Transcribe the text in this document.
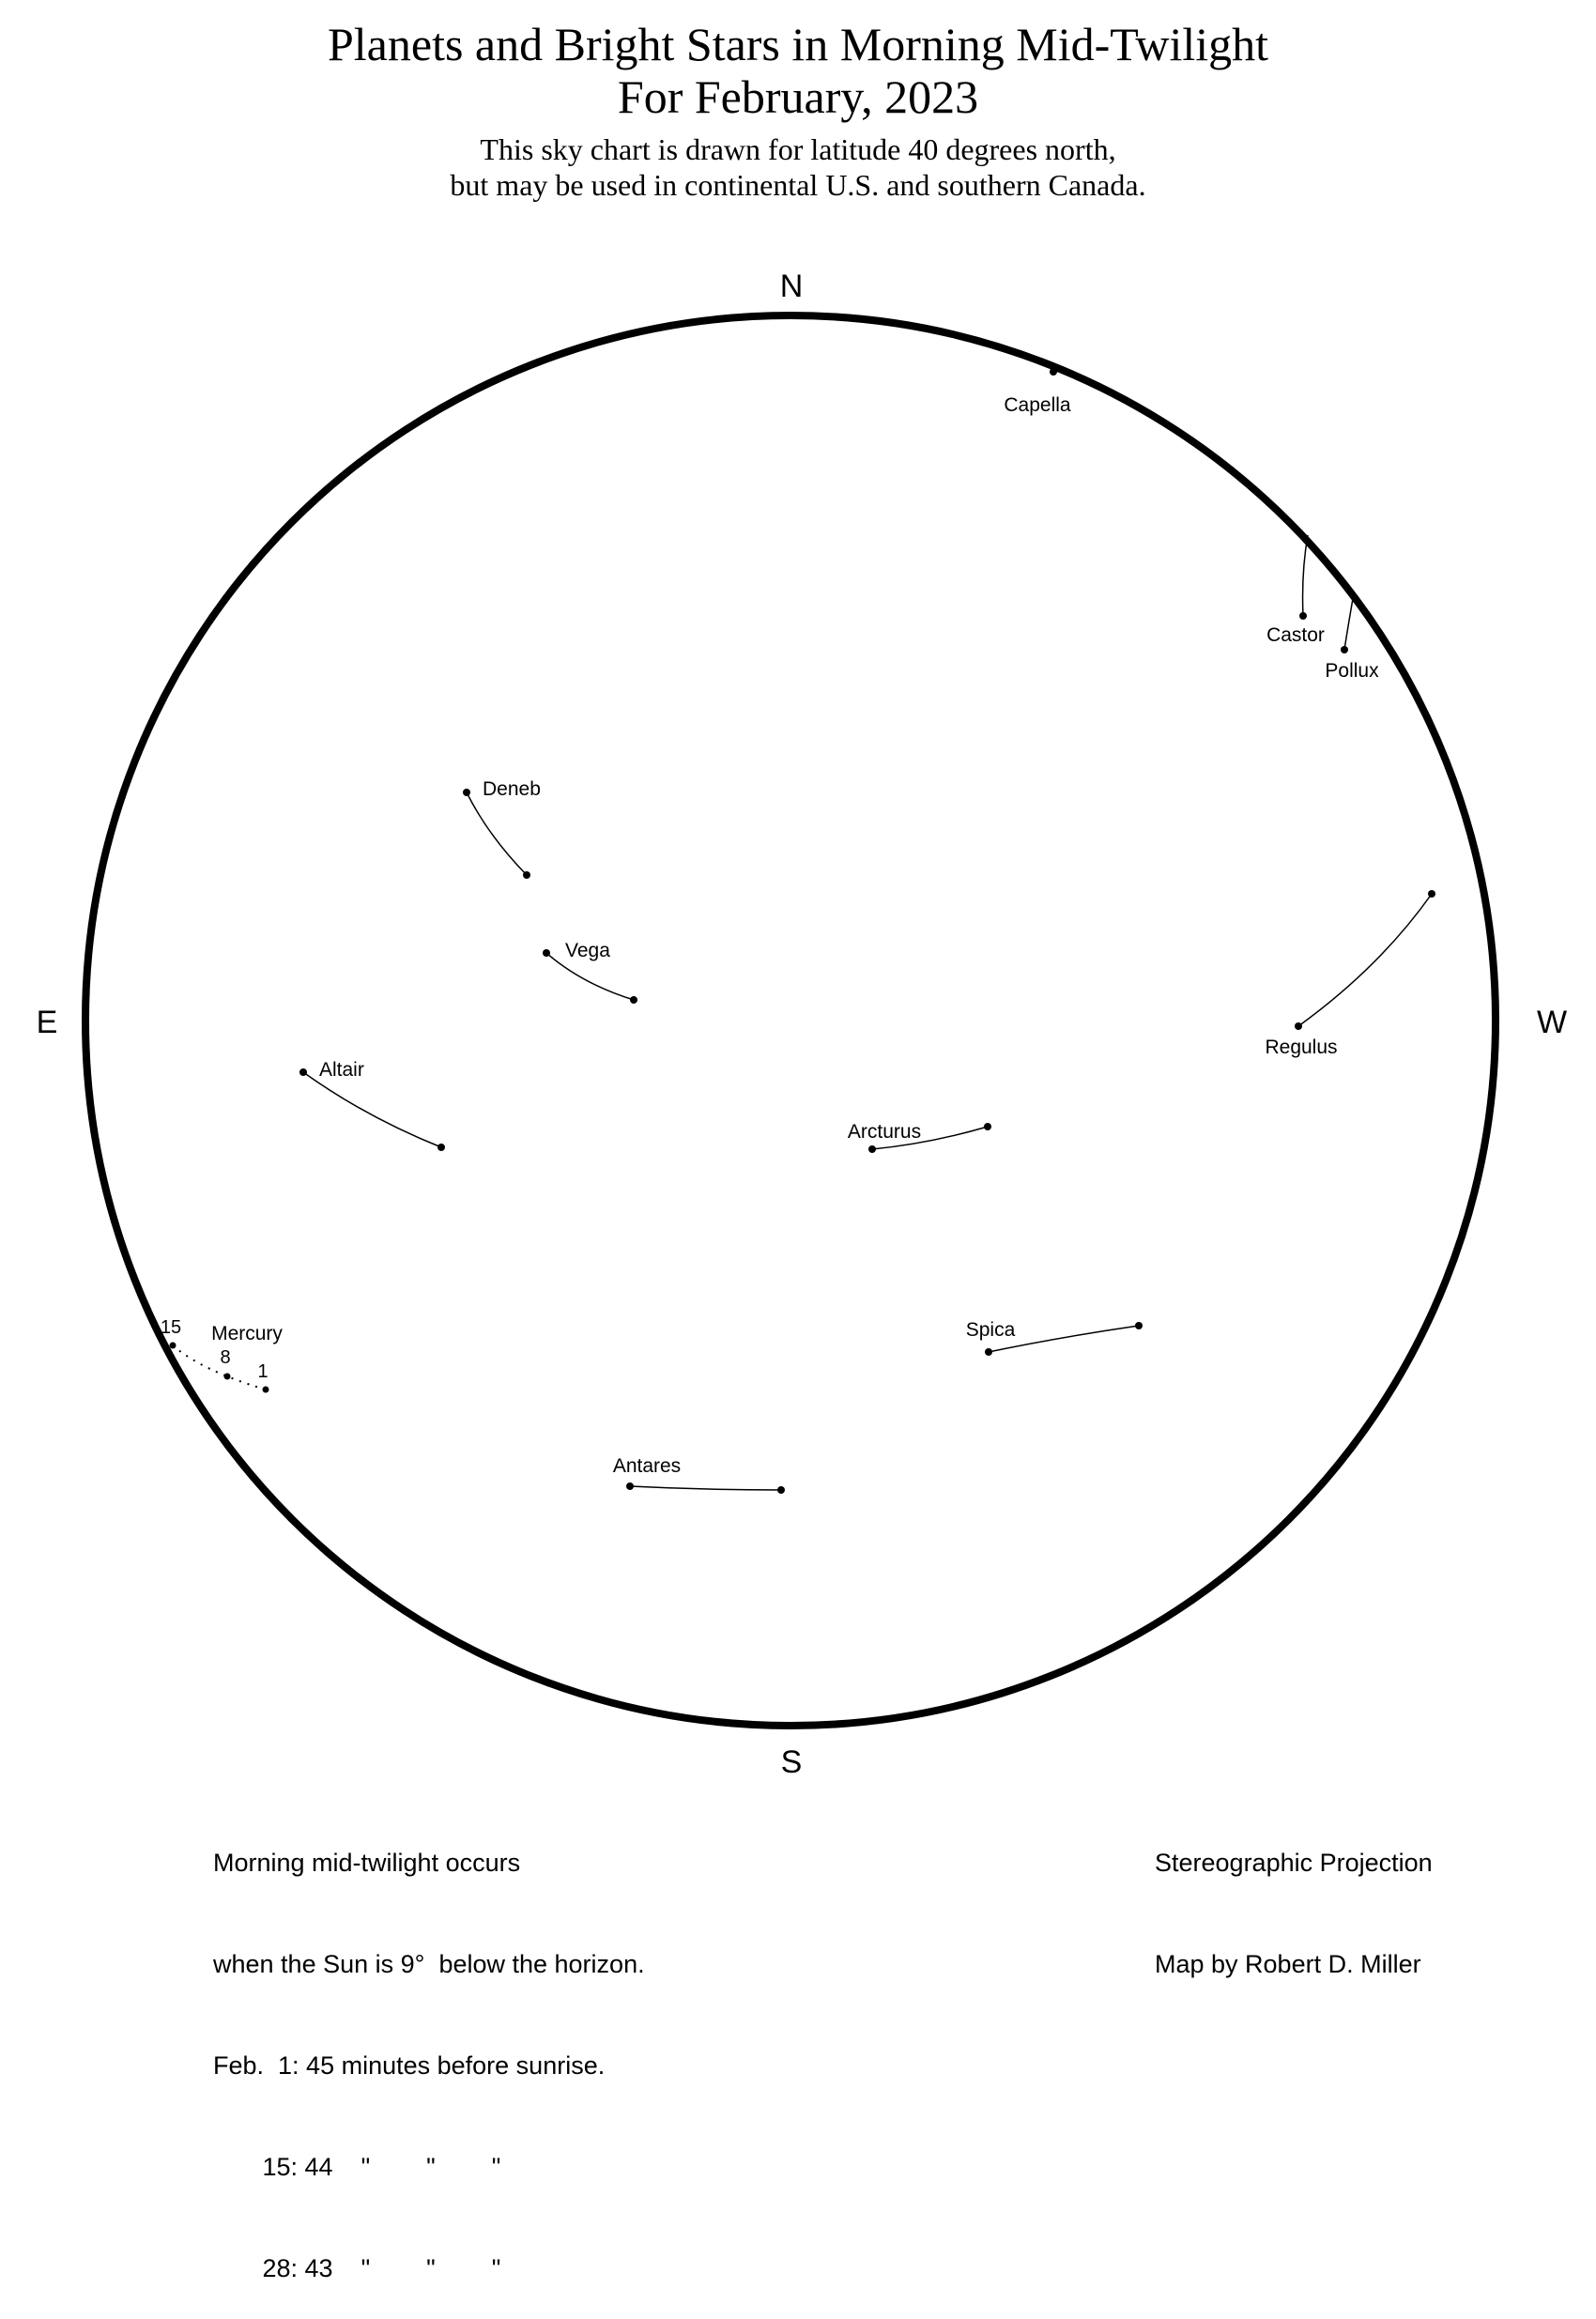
Planets and Bright Stars in Morning Mid-Twilight
For February, 2023
This sky chart is drawn for latitude 40 degrees north,
but may be used in continental U.S. and southern Canada.
N
S
E	W
Capella
Castor
Pollux
Deneb
Vega
Regulus
Altair
Arcturus
Spica
Antares
Mercury
15
8
1

Morning mid-twilight occurs

when the Sun is 9°  below the horizon.

Feb.  1: 45 minutes before sunrise.

15: 44    "        "        "

28: 43    "        "        "

Stereographic Projection

Map by Robert D. Miller
